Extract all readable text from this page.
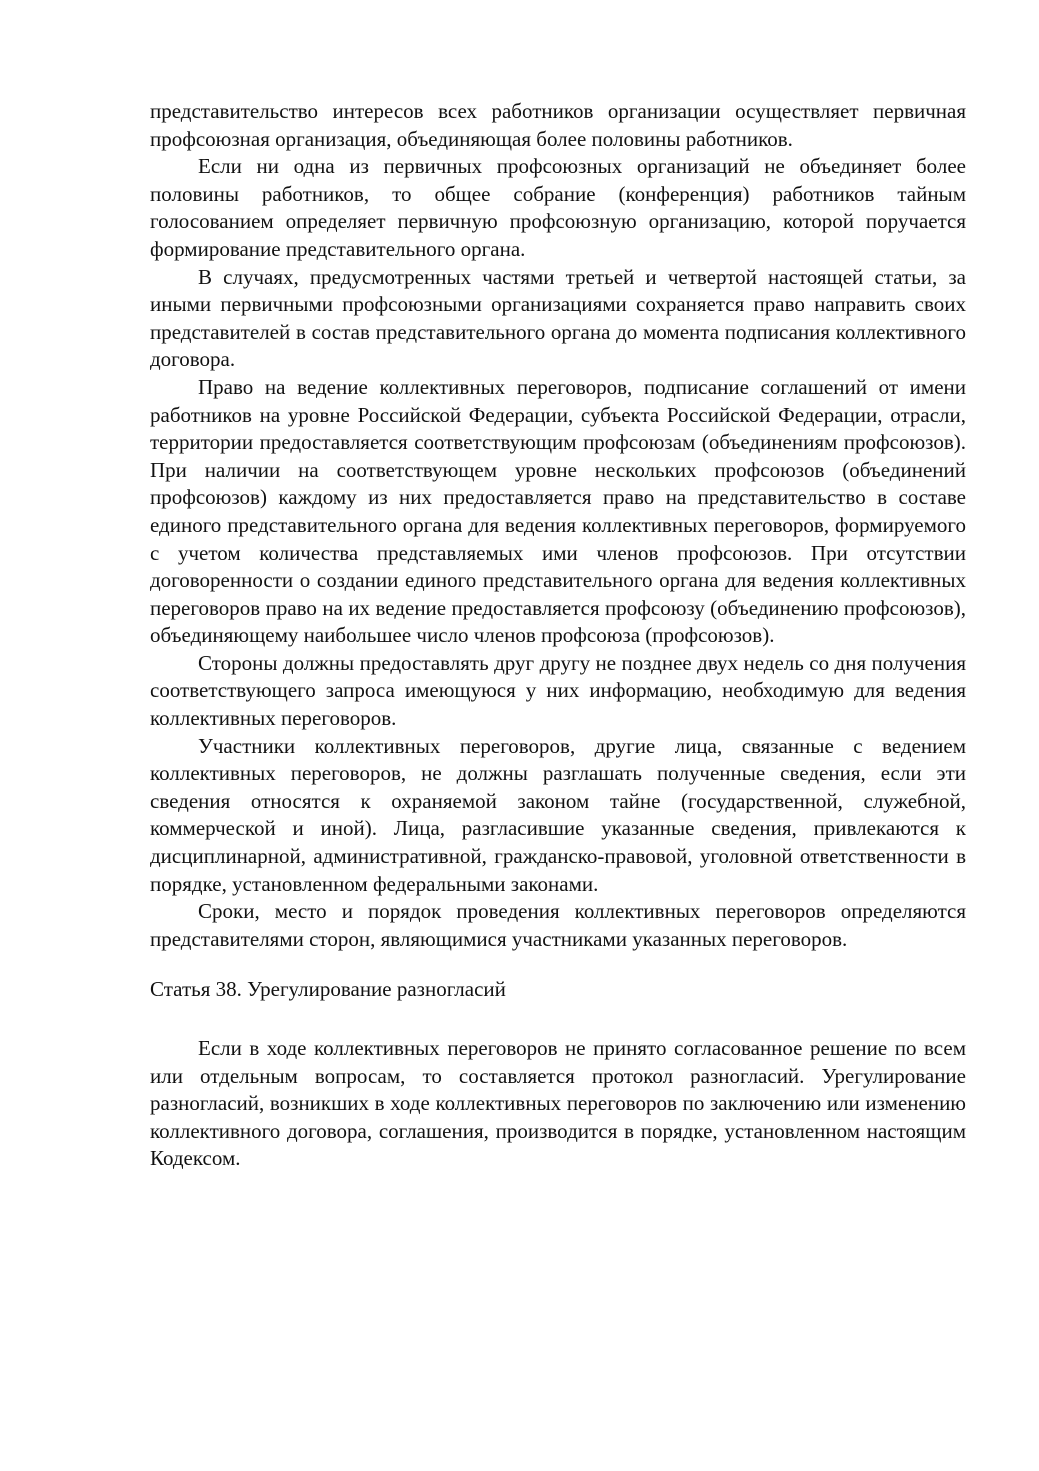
представительство интересов всех работников организации осуществляет первичная профсоюзная организация, объединяющая более половины работников.

Если ни одна из первичных профсоюзных организаций не объединяет более половины работников, то общее собрание (конференция) работников тайным голосованием определяет первичную профсоюзную организацию, которой поручается формирование представительного органа.

В случаях, предусмотренных частями третьей и четвертой настоящей статьи, за иными первичными профсоюзными организациями сохраняется право направить своих представителей в состав представительного органа до момента подписания коллективного договора.

Право на ведение коллективных переговоров, подписание соглашений от имени работников на уровне Российской Федерации, субъекта Российской Федерации, отрасли, территории предоставляется соответствующим профсоюзам (объединениям профсоюзов). При наличии на соответствующем уровне нескольких профсоюзов (объединений профсоюзов) каждому из них предоставляется право на представительство в составе единого представительного органа для ведения коллективных переговоров, формируемого с учетом количества представляемых ими членов профсоюзов. При отсутствии договоренности о создании единого представительного органа для ведения коллективных переговоров право на их ведение предоставляется профсоюзу (объединению профсоюзов), объединяющему наибольшее число членов профсоюза (профсоюзов).

Стороны должны предоставлять друг другу не позднее двух недель со дня получения соответствующего запроса имеющуюся у них информацию, необходимую для ведения коллективных переговоров.

Участники коллективных переговоров, другие лица, связанные с ведением коллективных переговоров, не должны разглашать полученные сведения, если эти сведения относятся к охраняемой законом тайне (государственной, служебной, коммерческой и иной). Лица, разгласившие указанные сведения, привлекаются к дисциплинарной, административной, гражданско-правовой, уголовной ответственности в порядке, установленном федеральными законами.

Сроки, место и порядок проведения коллективных переговоров определяются представителями сторон, являющимися участниками указанных переговоров.

Статья 38. Урегулирование разногласий

Если в ходе коллективных переговоров не принято согласованное решение по всем или отдельным вопросам, то составляется протокол разногласий. Урегулирование разногласий, возникших в ходе коллективных переговоров по заключению или изменению коллективного договора, соглашения, производится в порядке, установленном настоящим Кодексом.
